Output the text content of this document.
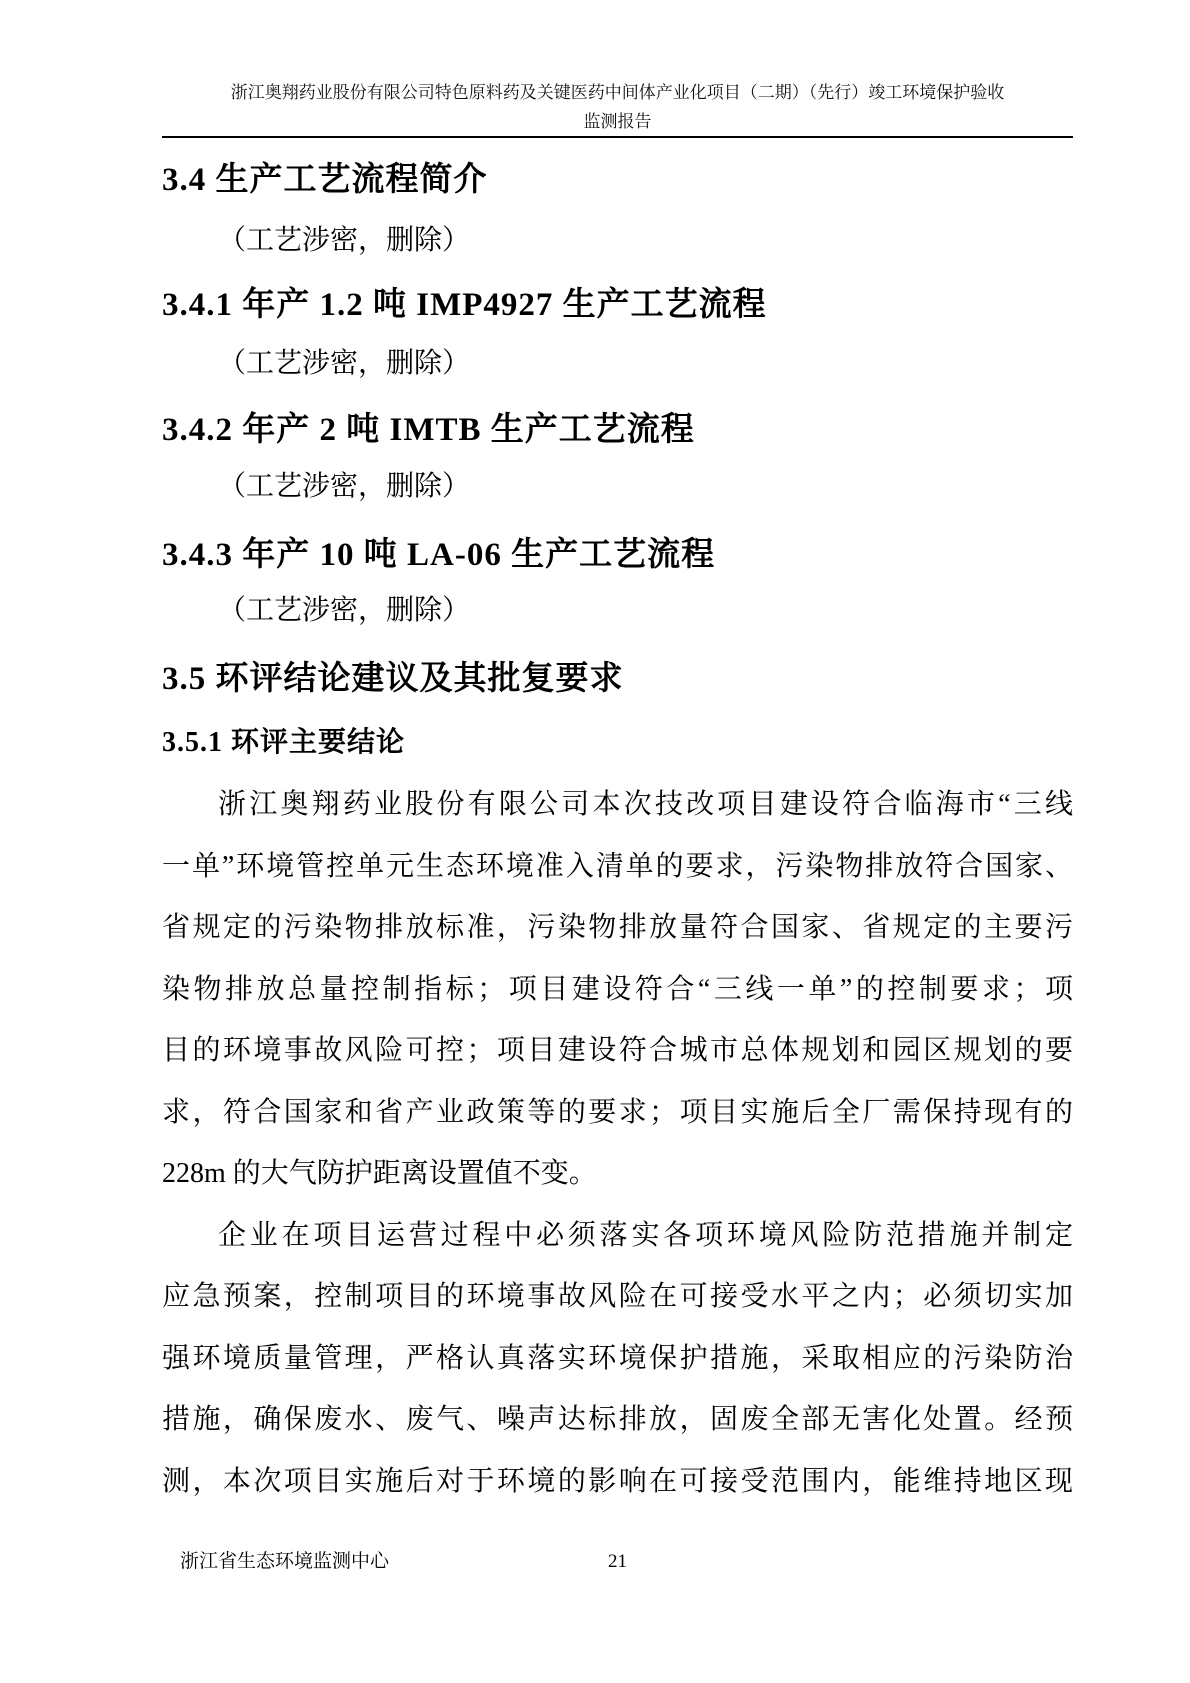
浙江奥翔药业股份有限公司特色原料药及关键医药中间体产业化项目（二期）（先行）竣工环境保护验收
监测报告
3.4 生产工艺流程简介
（工艺涉密，删除）
3.4.1 年产 1.2 吨 IMP4927 生产工艺流程
（工艺涉密，删除）
3.4.2 年产 2 吨 IMTB 生产工艺流程
（工艺涉密，删除）
3.4.3 年产 10 吨 LA-06 生产工艺流程
（工艺涉密，删除）
3.5 环评结论建议及其批复要求
3.5.1 环评主要结论
浙江奥翔药业股份有限公司本次技改项目建设符合临海市“三线
一单”环境管控单元生态环境准入清单的要求，污染物排放符合国家、
省规定的污染物排放标准，污染物排放量符合国家、省规定的主要污
染物排放总量控制指标；项目建设符合“三线一单”的控制要求；项
目的环境事故风险可控；项目建设符合城市总体规划和园区规划的要
求，符合国家和省产业政策等的要求；项目实施后全厂需保持现有的
228m 的大气防护距离设置值不变。
企业在项目运营过程中必须落实各项环境风险防范措施并制定
应急预案，控制项目的环境事故风险在可接受水平之内；必须切实加
强环境质量管理，严格认真落实环境保护措施，采取相应的污染防治
措施，确保废水、废气、噪声达标排放，固废全部无害化处置。经预
测，本次项目实施后对于环境的影响在可接受范围内，能维持地区现
浙江省生态环境监测中心	21
